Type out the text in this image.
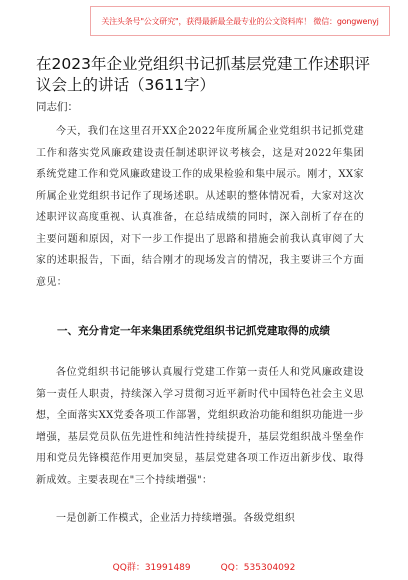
关注头条号"公文研究"，获得最新最全最专业的公文资料库！ 微信：gongwenyj
在2023年企业党组织书记抓基层党建工作述职评议会上的讲话（3611字）
同志们：
今天，我们在这里召开XX企2022年度所属企业党组织书记抓党建工作和落实党风廉政建设责任制述职评议考核会，这是对2022年集团系统党建工作和党风廉政建设工作的成果检验和集中展示。刚才，XX家所属企业党组织书记作了现场述职。从述职的整体情况看，大家对这次述职评议高度重视、认真准备，在总结成绩的同时，深入剖析了存在的主要问题和原因，对下一步工作提出了思路和措施会前我认真审阅了大家的述职报告，下面，结合刚才的现场发言的情况，我主要讲三个方面意见：
一、充分肯定一年来集团系统党组织书记抓党建取得的成绩
各位党组织书记能够认真履行党建工作第一责任人和党风廉政建设第一责任人职责，持续深入学习贯彻习近平新时代中国特色社会主义思想，全面落实XX党委各项工作部署，党组织政治功能和组织功能进一步增强，基层党员队伍先进性和纯洁性持续提升，基层党组织战斗堡垒作用和党员先锋模范作用更加突显，基层党建各项工作迈出新步伐、取得新成效。主要表现在"三个持续增强"：
一是创新工作模式，企业活力持续增强。各级党组织
QQ群：31991489	QQ：535304092
